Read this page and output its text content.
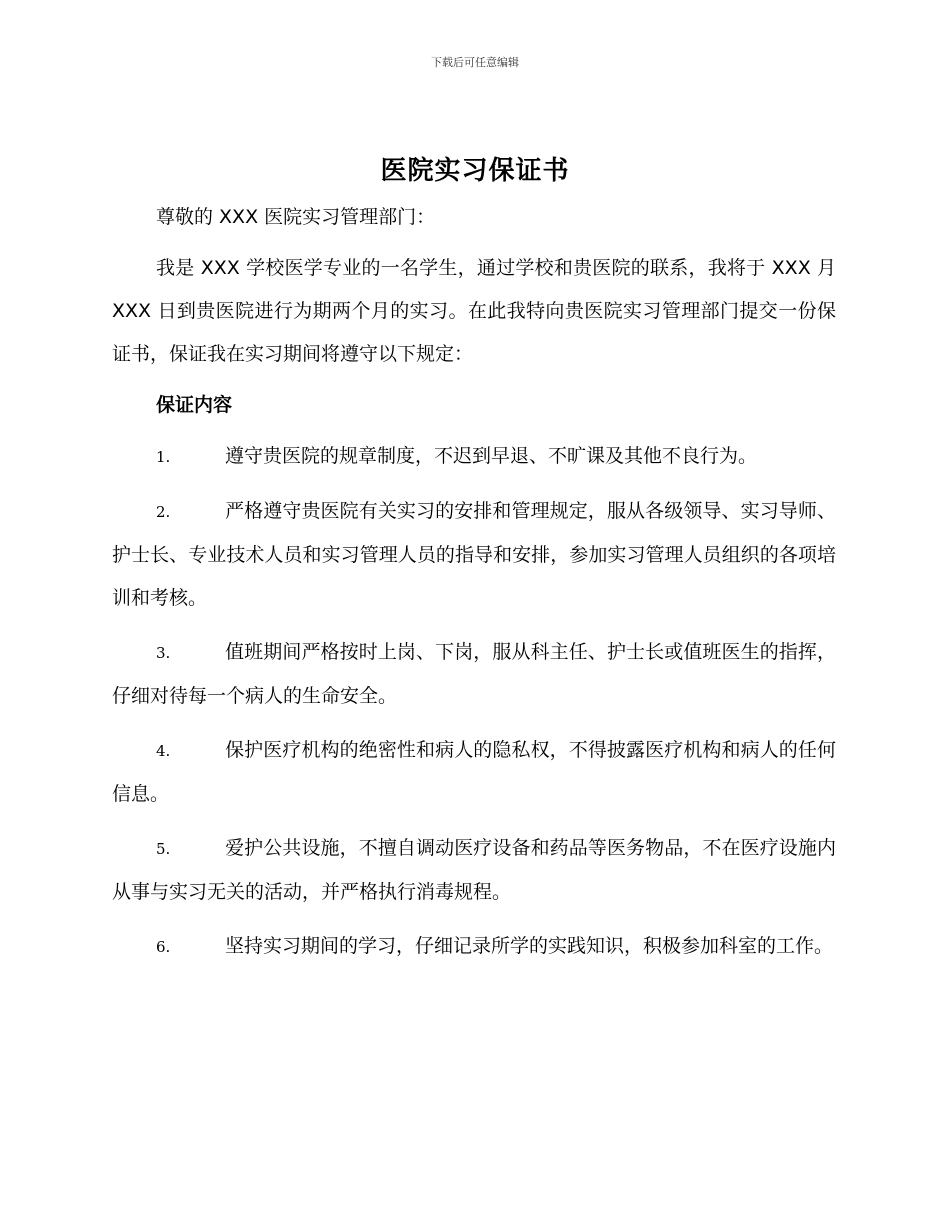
下载后可任意编辑
医院实习保证书

尊敬的 XXX 医院实习管理部门：

我是 XXX 学校医学专业的一名学生，通过学校和贵医院的联系，我将于 XXX 月 XXX 日到贵医院进行为期两个月的实习。在此我特向贵医院实习管理部门提交一份保证书，保证我在实习期间将遵守以下规定：

保证内容

1.	遵守贵医院的规章制度，不迟到早退、不旷课及其他不良行为。

2.	严格遵守贵医院有关实习的安排和管理规定，服从各级领导、实习导师、护士长、专业技术人员和实习管理人员的指导和安排，参加实习管理人员组织的各项培训和考核。

3.	值班期间严格按时上岗、下岗，服从科主任、护士长或值班医生的指挥，仔细对待每一个病人的生命安全。

4.	保护医疗机构的绝密性和病人的隐私权，不得披露医疗机构和病人的任何信息。

5.	爱护公共设施，不擅自调动医疗设备和药品等医务物品，不在医疗设施内从事与实习无关的活动，并严格执行消毒规程。

6.	坚持实习期间的学习，仔细记录所学的实践知识，积极参加科室的工作。
